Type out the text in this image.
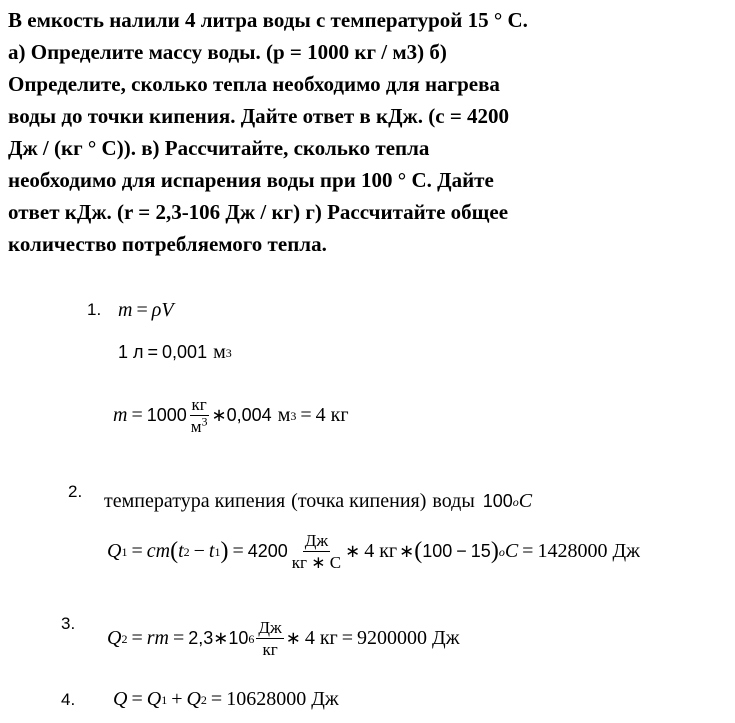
В емкость налили 4 литра воды с температурой 15 ° С.
а) Определите массу воды. (р = 1000 кг / м3) б)
Определите, сколько тепла необходимо для нагрева
воды до точки кипения. Дайте ответ в кДж. (с = 4200
Дж / (кг ° С)). в) Рассчитайте, сколько тепла
необходимо для испарения воды при 100 ° С. Дайте
ответ кДж. (r = 2,3-106 Дж / кг) г) Рассчитайте общее
количество потребляемого тепла.
1. m = ρV
1 л = 0,001 м 3
$m = 1000 \frac{кг}{м^3}$ ∗ 0,004 м 3 = 4 кг
2. температура кипения (точка кипения) воды 100 o C
Q 1 = cm ( t 2 − t 1 ) = $4200 \frac{Дж}{кг ∗ С}$ ∗ 4 кг ∗ ( 100 − 15 ) o C = 1428000 Дж
3.
Q 2 = rm = 2,3 ∗ 10 $6 \frac{Дж}{кг}$ ∗ 4 кг = 9200000 Дж
4. Q = Q 1 + Q 2 = 10628000 Дж
